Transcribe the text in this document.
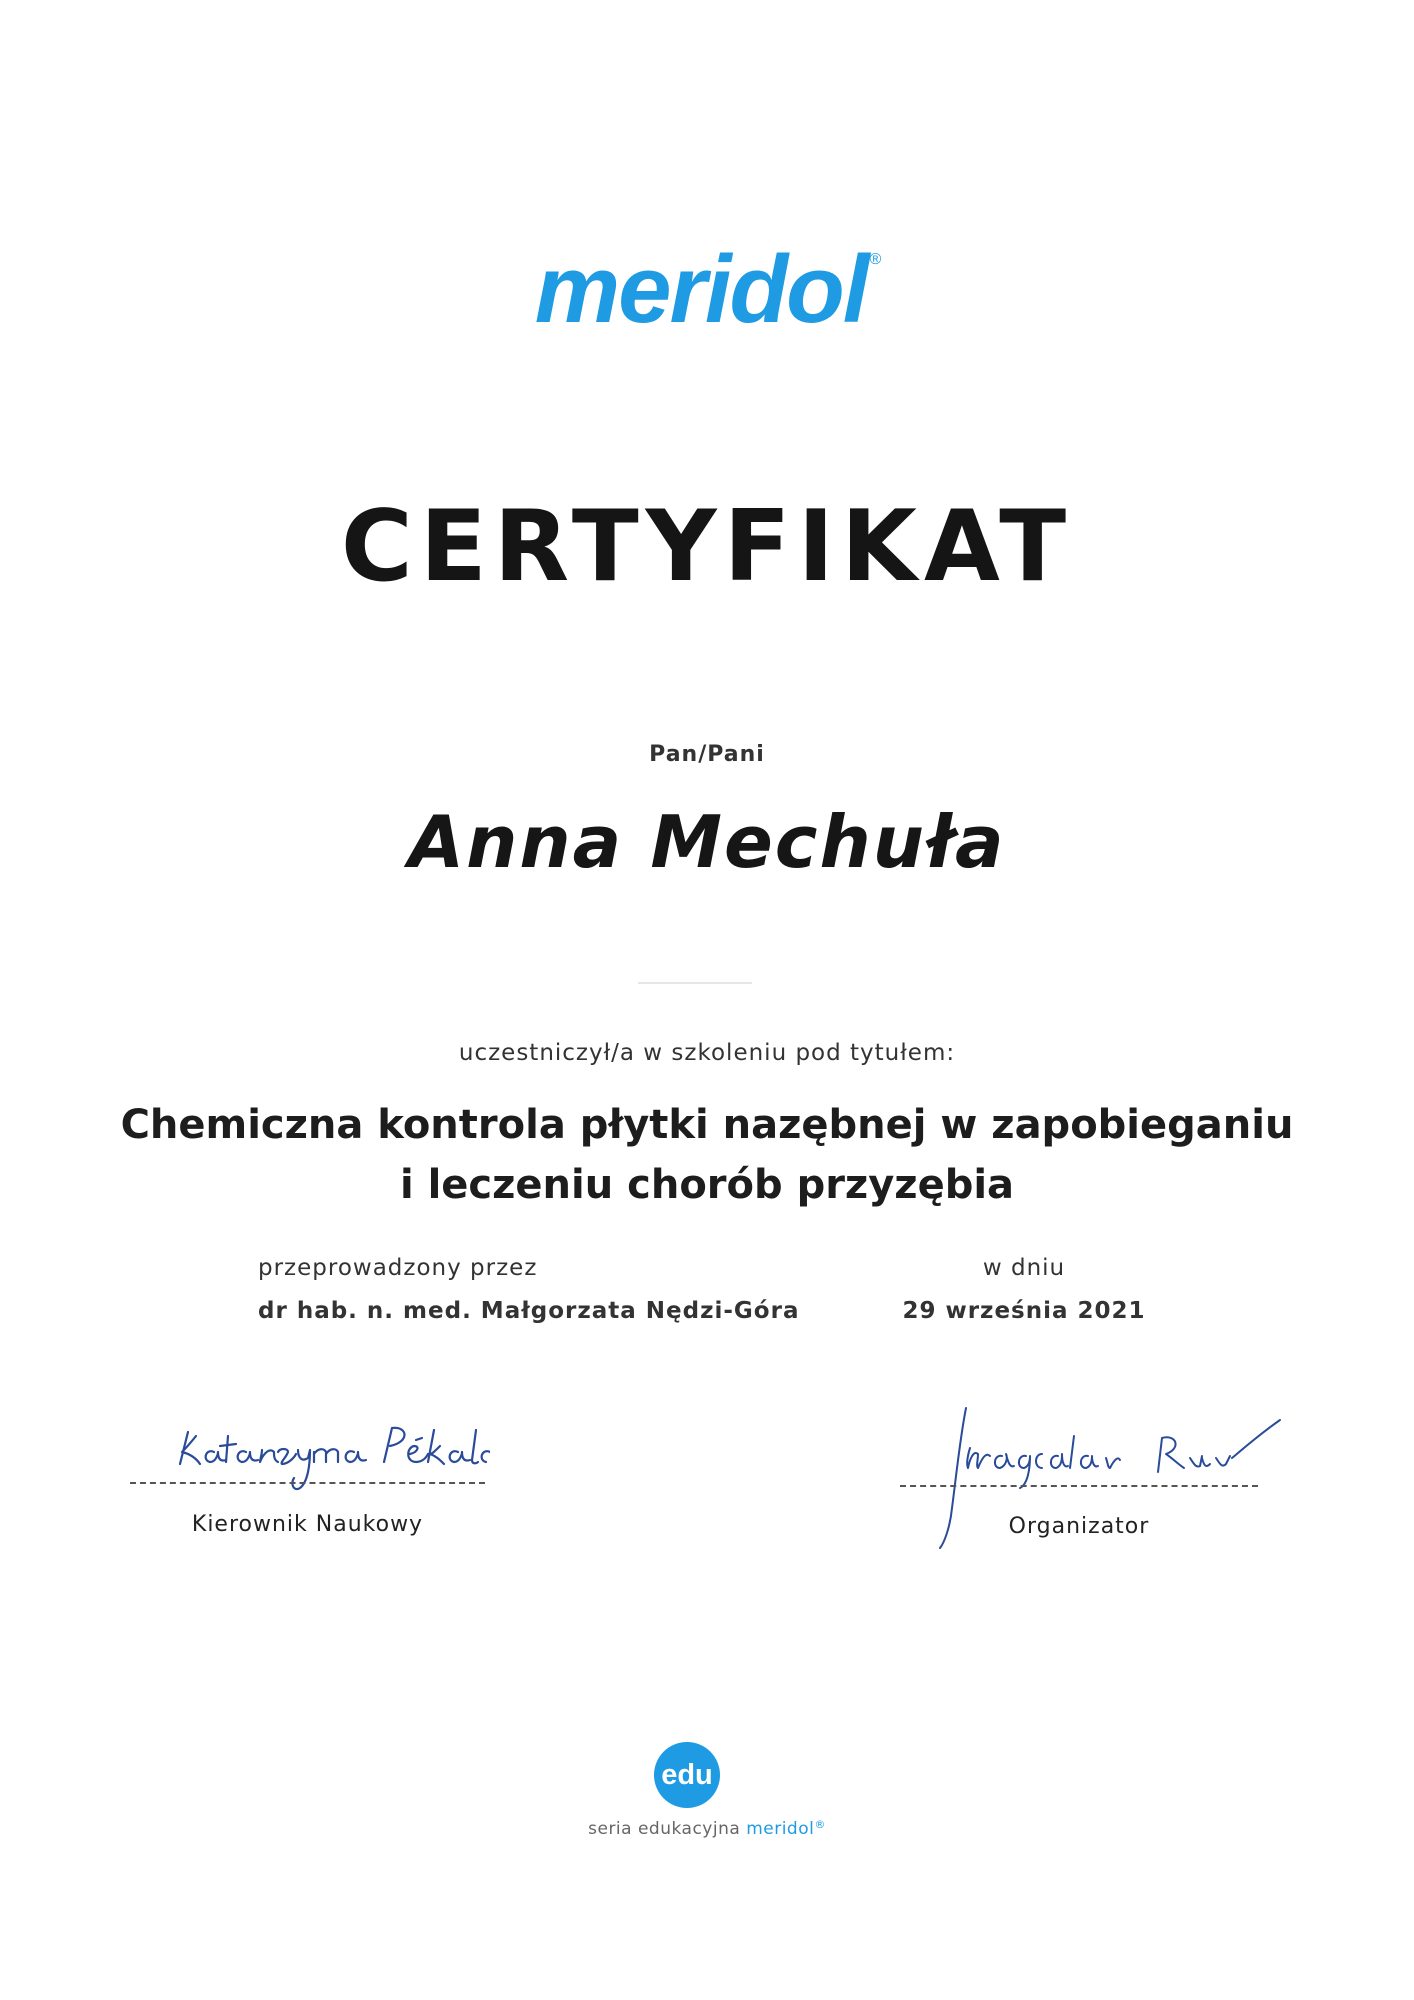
meridol ®
CERTYFIKAT
Pan/Pani
Anna Mechuła
uczestniczył/a w szkoleniu pod tytułem:
Chemiczna kontrola płytki nazębnej w zapobieganiu i leczeniu chorób przyzębia
przeprowadzony przez
dr hab. n. med. Małgorzata Nędzi-Góra
w dniu
29 września 2021
Kierownik Naukowy	Organizator
edu
seria edukacyjna meridol®
